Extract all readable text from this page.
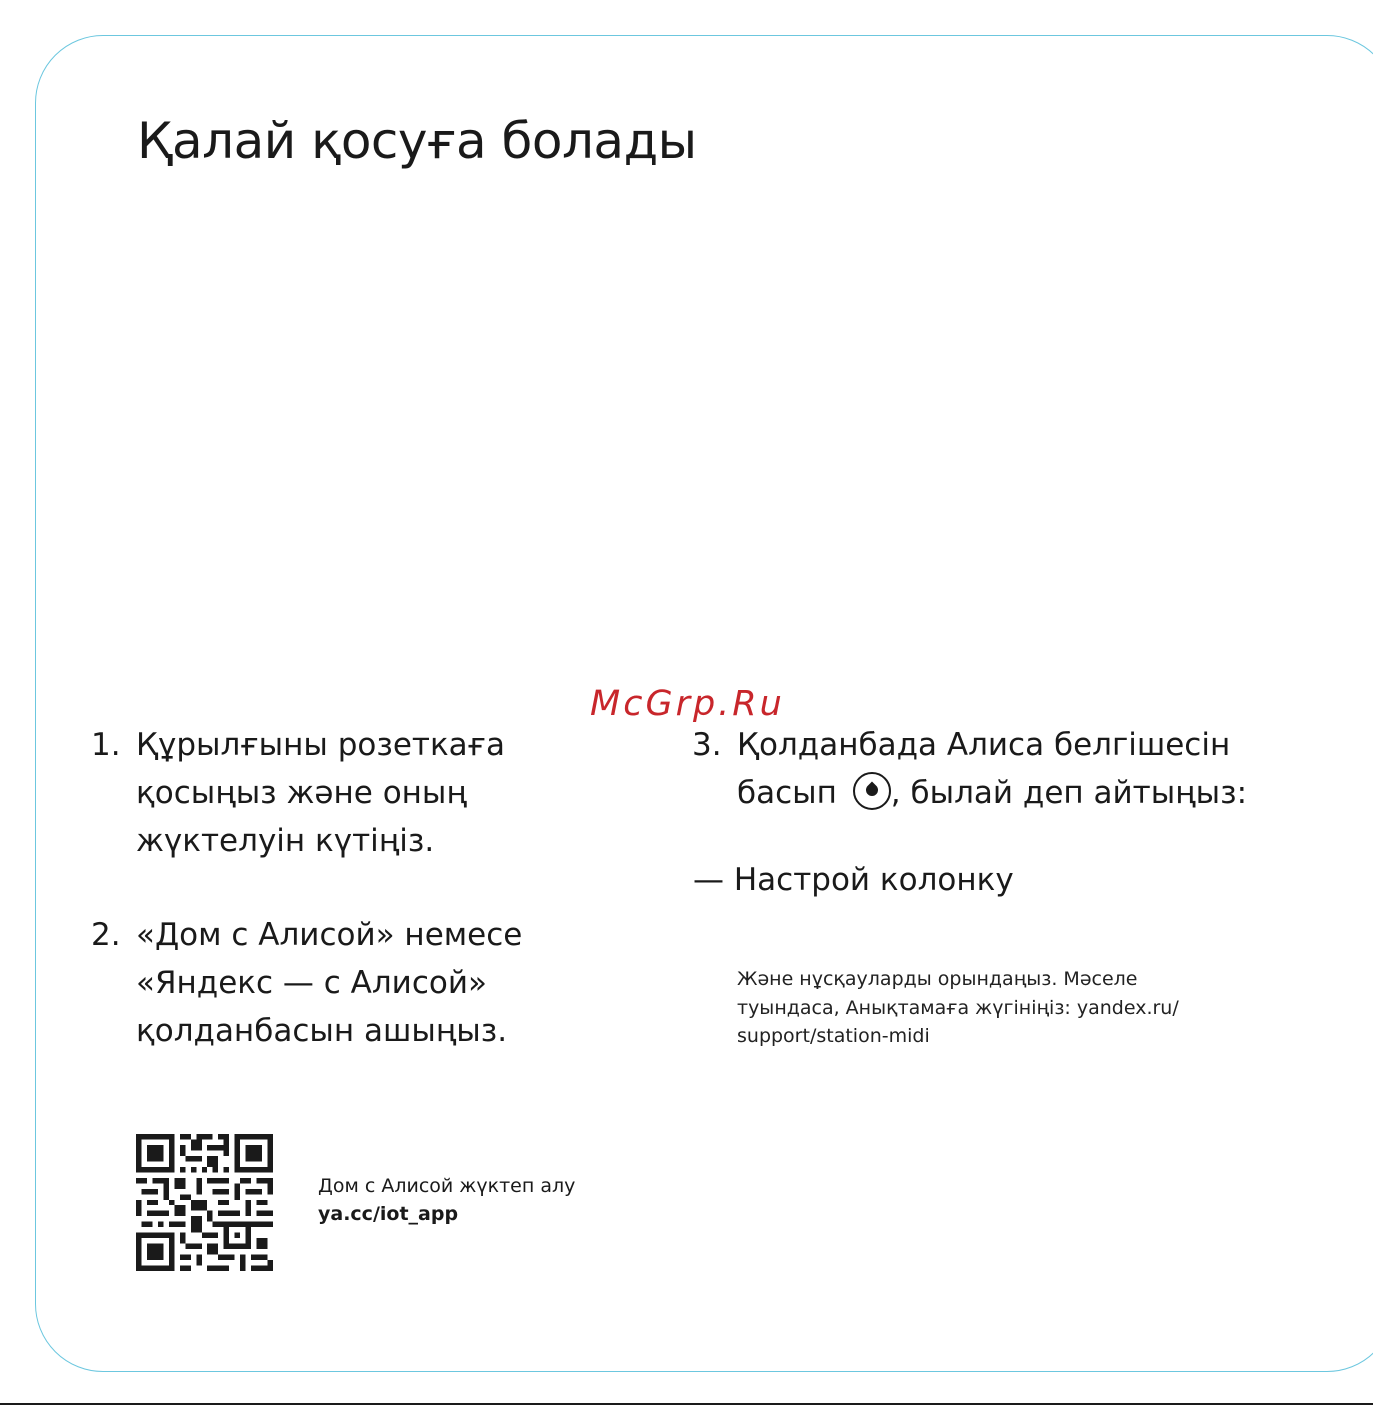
Қалай қосуға болады
McGrp.Ru
1. Құрылғыны розеткаға
қосыңыз және оның
жүктелуін күтіңіз.
2. «Дом с Алисой» немесе
«Яндекс — с Алисой»
қолданбасын ашыңыз.
3. Қолданбада Алиса белгішесін
басып , былай деп айтыңыз:
— Настрой колонку
Және нұсқауларды орындаңыз. Мәселе
туындаса, Анықтамаға жүгініңіз: yandex.ru/
support/station-midi
Дом с Алисой жүктеп алу
ya.cc/iot_app
